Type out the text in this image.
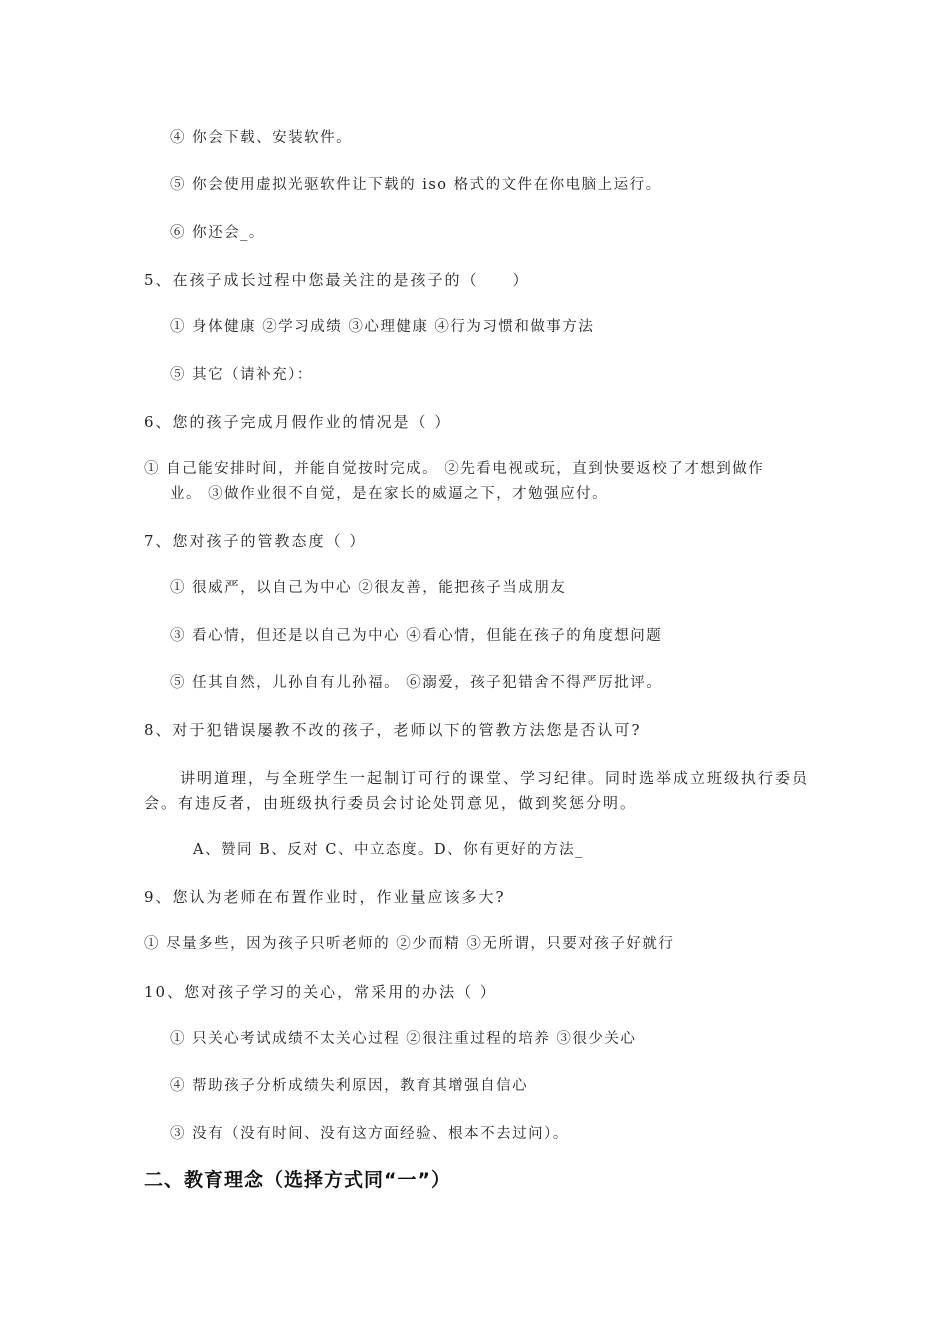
④ 你会下载、安装软件。
⑤ 你会使用虚拟光驱软件让下载的 iso 格式的文件在你电脑上运行。
⑥ 你还会_。
5、在孩子成长过程中您最关注的是孩子的（　　）
① 身体健康 ②学习成绩 ③心理健康 ④行为习惯和做事方法
⑤ 其它（请补充）：
6、您的孩子完成月假作业的情况是（ ）
① 自己能安排时间，并能自觉按时完成。 ②先看电视或玩，直到快要返校了才想到做作
业。 ③做作业很不自觉，是在家长的威逼之下，才勉强应付。
7、您对孩子的管教态度（ ）
① 很威严，以自己为中心 ②很友善，能把孩子当成朋友
③ 看心情，但还是以自己为中心 ④看心情，但能在孩子的角度想问题
⑤ 任其自然，儿孙自有儿孙福。 ⑥溺爱，孩子犯错舍不得严厉批评。
8、对于犯错误屡教不改的孩子，老师以下的管教方法您是否认可?
讲明道理，与全班学生一起制订可行的课堂、学习纪律。同时选举成立班级执行委员
会。有违反者，由班级执行委员会讨论处罚意见，做到奖惩分明。
A、赞同 B、反对 C、中立态度。D、你有更好的方法_
9、您认为老师在布置作业时，作业量应该多大?
① 尽量多些，因为孩子只听老师的 ②少而精 ③无所谓，只要对孩子好就行
10、您对孩子学习的关心，常采用的办法（ ）
① 只关心考试成绩不太关心过程 ②很注重过程的培养 ③很少关心
④ 帮助孩子分析成绩失利原因，教育其增强自信心
③ 没有（没有时间、没有这方面经验、根本不去过问）。
二、教育理念（选择方式同“一”）
